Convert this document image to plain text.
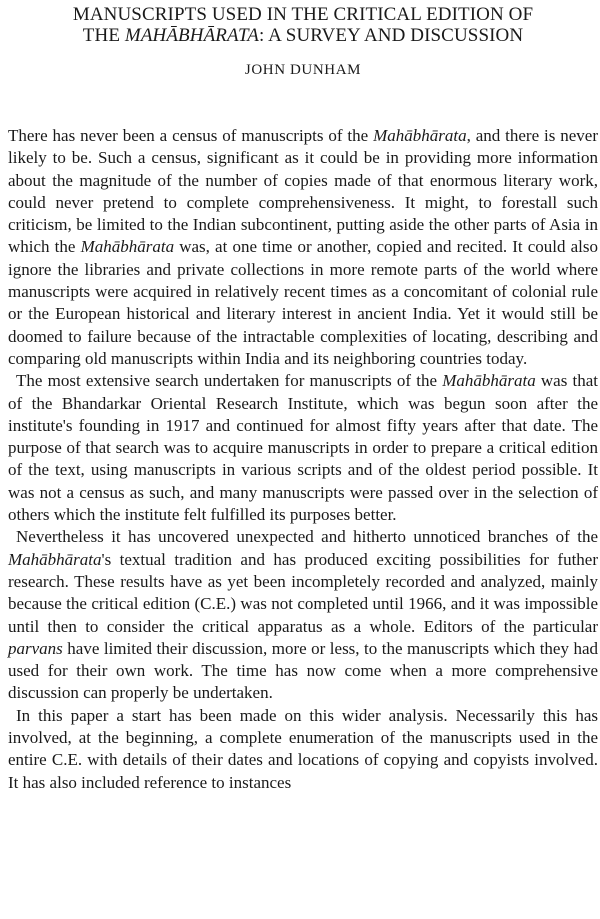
MANUSCRIPTS USED IN THE CRITICAL EDITION OF
THE MAHĀBHĀRATA: A SURVEY AND DISCUSSION
JOHN DUNHAM

There has never been a census of manuscripts of the Mahābhārata, and there is never likely to be. Such a census, significant as it could be in providing more information about the magnitude of the number of copies made of that enormous literary work, could never pretend to complete comprehensiveness. It might, to forestall such criticism, be limited to the Indian subcontinent, putting aside the other parts of Asia in which the Mahābhārata was, at one time or another, copied and recited. It could also ignore the libraries and private collections in more remote parts of the world where manuscripts were acquired in relatively recent times as a concomitant of colonial rule or the European historical and literary interest in ancient India. Yet it would still be doomed to failure because of the intractable complexities of locating, describing and comparing old manuscripts within India and its neighboring countries today.

The most extensive search undertaken for manuscripts of the Mahābhārata was that of the Bhandarkar Oriental Research Institute, which was begun soon after the institute's founding in 1917 and continued for almost fifty years after that date. The purpose of that search was to acquire manuscripts in order to prepare a critical edition of the text, using manuscripts in various scripts and of the oldest period possible. It was not a census as such, and many manuscripts were passed over in the selection of others which the institute felt fulfilled its purposes better.

Nevertheless it has uncovered unexpected and hitherto unnoticed branches of the Mahābhārata's textual tradition and has produced exciting possibilities for futher research. These results have as yet been incompletely recorded and analyzed, mainly because the critical edition (C.E.) was not completed until 1966, and it was impossible until then to consider the critical apparatus as a whole. Editors of the particular parvans have limited their discussion, more or less, to the manuscripts which they had used for their own work. The time has now come when a more comprehensive discussion can properly be undertaken.

In this paper a start has been made on this wider analysis. Necessarily this has involved, at the beginning, a complete enumeration of the manuscripts used in the entire C.E. with details of their dates and locations of copying and copyists involved. It has also included reference to instances
